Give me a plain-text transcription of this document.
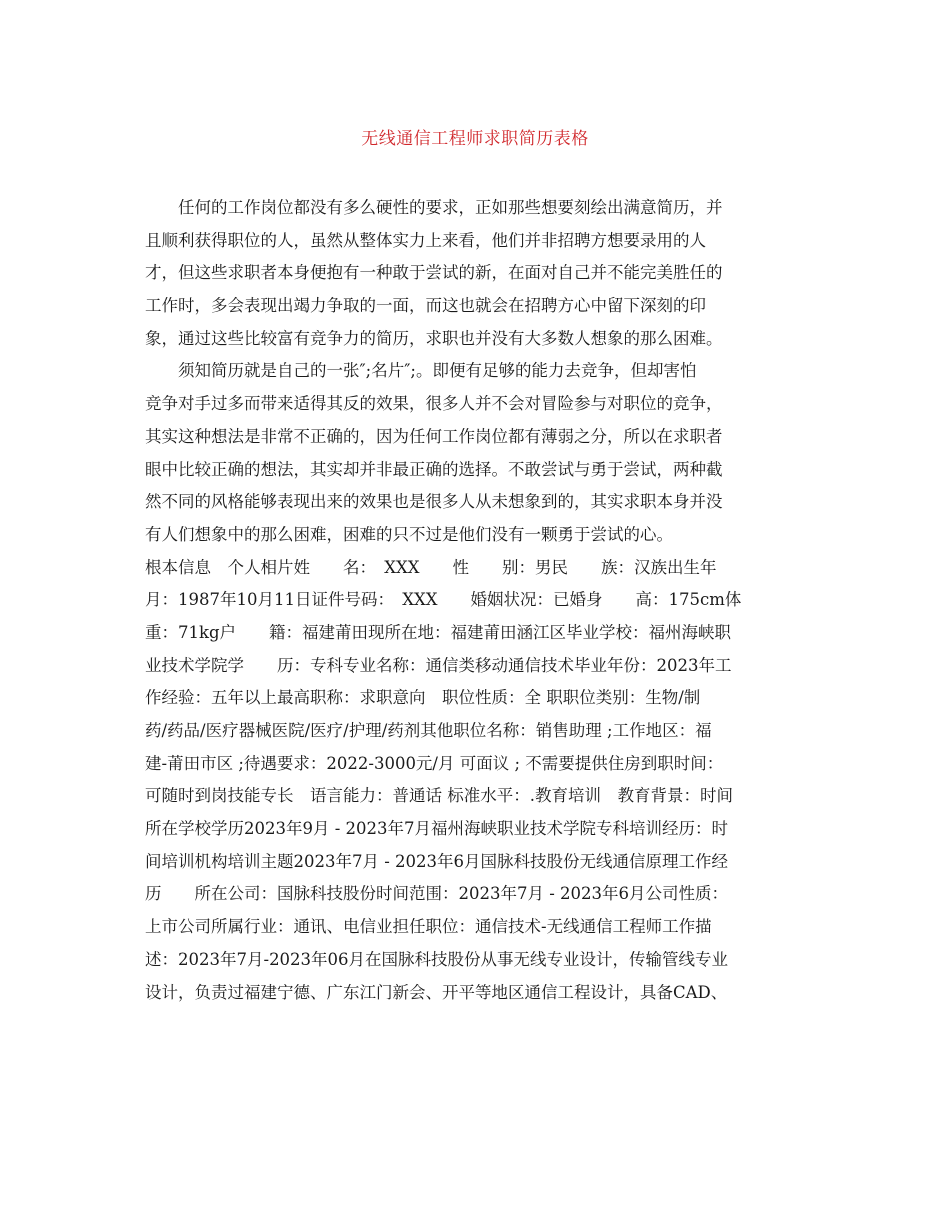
无线通信工程师求职简历表格
任何的工作岗位都没有多么硬性的要求，正如那些想要刻绘出满意简历，并
且顺利获得职位的人，虽然从整体实力上来看，他们并非招聘方想要录用的人
才，但这些求职者本身便抱有一种敢于尝试的新，在面对自己并不能完美胜任的
工作时，多会表现出竭力争取的一面，而这也就会在招聘方心中留下深刻的印
象，通过这些比较富有竞争力的简历，求职也并没有大多数人想象的那么困难。
须知简历就是自己的一张″;名片″;。即便有足够的能力去竞争，但却害怕
竞争对手过多而带来适得其反的效果，很多人并不会对冒险参与对职位的竞争，
其实这种想法是非常不正确的，因为任何工作岗位都有薄弱之分，所以在求职者
眼中比较正确的想法，其实却并非最正确的选择。不敢尝试与勇于尝试，两种截
然不同的风格能够表现出来的效果也是很多人从未想象到的，其实求职本身并没
有人们想象中的那么困难，困难的只不过是他们没有一颗勇于尝试的心。
根本信息　个人相片姓　　名：　XXX　　性　　别：男民　　族：汉族出生年
月：1987年10月11日证件号码：　XXX　　婚姻状况：已婚身　　高：175cm体
重：71kg户　　籍：福建莆田现所在地：福建莆田涵江区毕业学校：福州海峡职
业技术学院学　　历：专科专业名称：通信类移动通信技术毕业年份：2023年工
作经验：五年以上最高职称：求职意向　职位性质：全 职职位类别：生物/制
药/药品/医疗器械医院/医疗/护理/药剂其他职位名称：销售助理 ;工作地区：福
建-莆田市区 ;待遇要求：2022-3000元/月 可面议 ; 不需要提供住房到职时间：
可随时到岗技能专长　语言能力：普通话 标准水平：.教育培训　教育背景：时间
所在学校学历2023年9月 - 2023年7月福州海峡职业技术学院专科培训经历：时
间培训机构培训主题2023年7月 - 2023年6月国脉科技股份无线通信原理工作经
历　　所在公司：国脉科技股份时间范围：2023年7月 - 2023年6月公司性质：
上市公司所属行业：通讯、电信业担任职位：通信技术-无线通信工程师工作描
述：2023年7月-2023年06月在国脉科技股份从事无线专业设计，传输管线专业
设计，负责过福建宁德、广东江门新会、开平等地区通信工程设计，具备CAD、
